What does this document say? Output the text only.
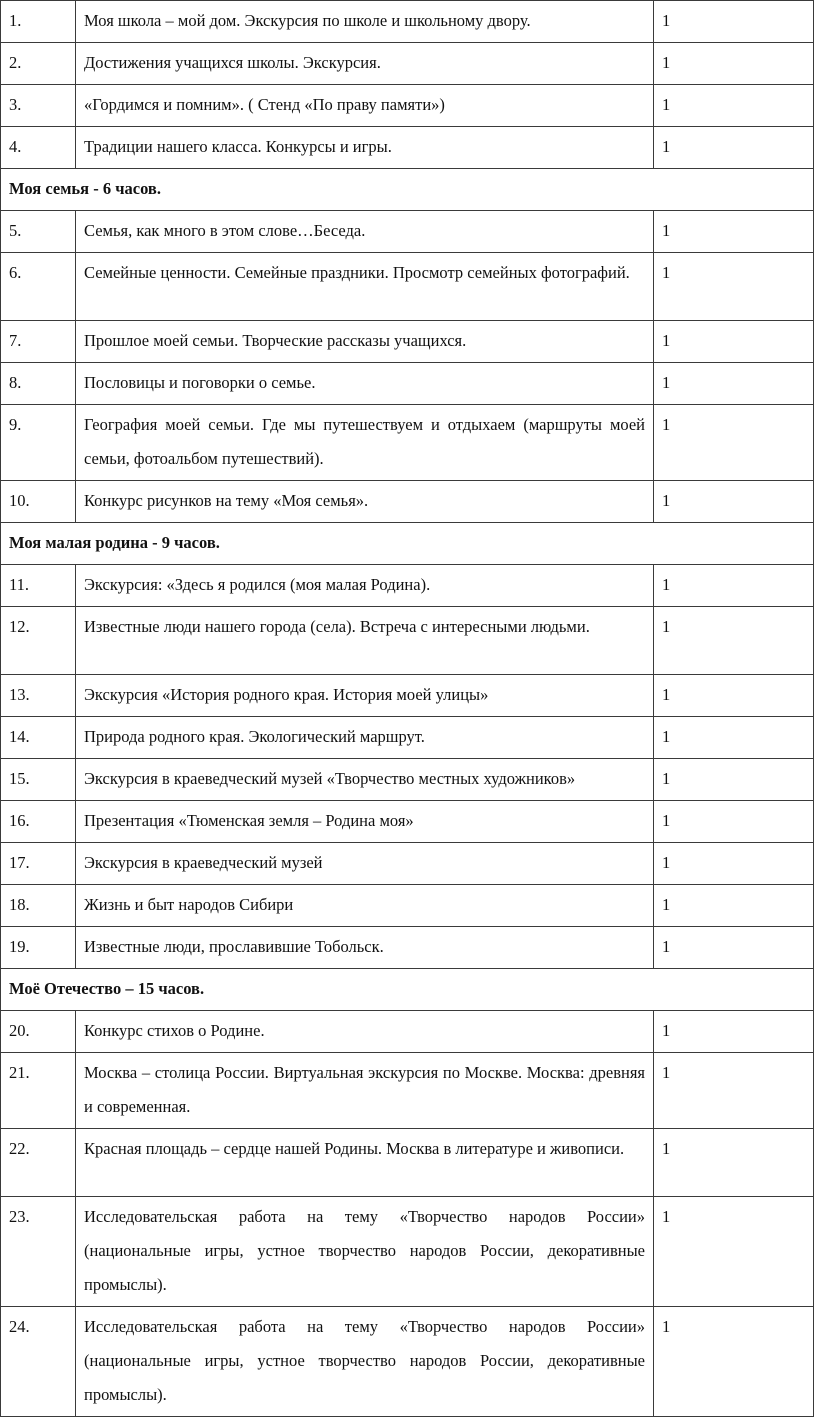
1.	Моя школа – мой дом. Экскурсия по школе и школьному двору.	1
2.	Достижения учащихся школы. Экскурсия.	1
3.	«Гордимся и помним». ( Стенд «По праву памяти»)	1
4.	Традиции нашего класса. Конкурсы и игры.	1
Моя семья - 6 часов.		
5.	Семья, как много в этом слове…Беседа.	1
6.	Семейные ценности. Семейные праздники. Просмотр семейных фотографий.	1
7.	Прошлое моей семьи. Творческие рассказы учащихся.	1
8.	Пословицы и поговорки о семье.	1
9.	География моей семьи. Где мы путешествуем и отдыхаем (маршруты моей семьи, фотоальбом путешествий).	1
10.	Конкурс рисунков на тему «Моя семья».	1
Моя малая родина - 9 часов.		
11.	Экскурсия: «Здесь я родился (моя малая Родина).	1
12.	Известные люди нашего города (села). Встреча с интересными людьми.	1
13.	Экскурсия «История родного края. История моей улицы»	1
14.	Природа родного края. Экологический маршрут.	1
15.	Экскурсия в краеведческий музей «Творчество местных художников»	1
16.	Презентация «Тюменская земля – Родина моя»	1
17.	Экскурсия в краеведческий музей	1
18.	Жизнь и быт народов Сибири	1
19.	Известные люди, прославившие Тобольск.	1
Моё Отечество – 15 часов.		
20.	Конкурс стихов о Родине.	1
21.	Москва – столица России. Виртуальная экскурсия по Москве. Москва: древняя и современная.	1
22.	Красная площадь – сердце нашей Родины. Москва в литературе и живописи.	1
23.	Исследовательская работа на тему «Творчество народов России» (национальные игры, устное творчество народов России, декоративные промыслы).	1
24.	Исследовательская работа на тему «Творчество народов России» (национальные игры, устное творчество народов России, декоративные промыслы).	1
